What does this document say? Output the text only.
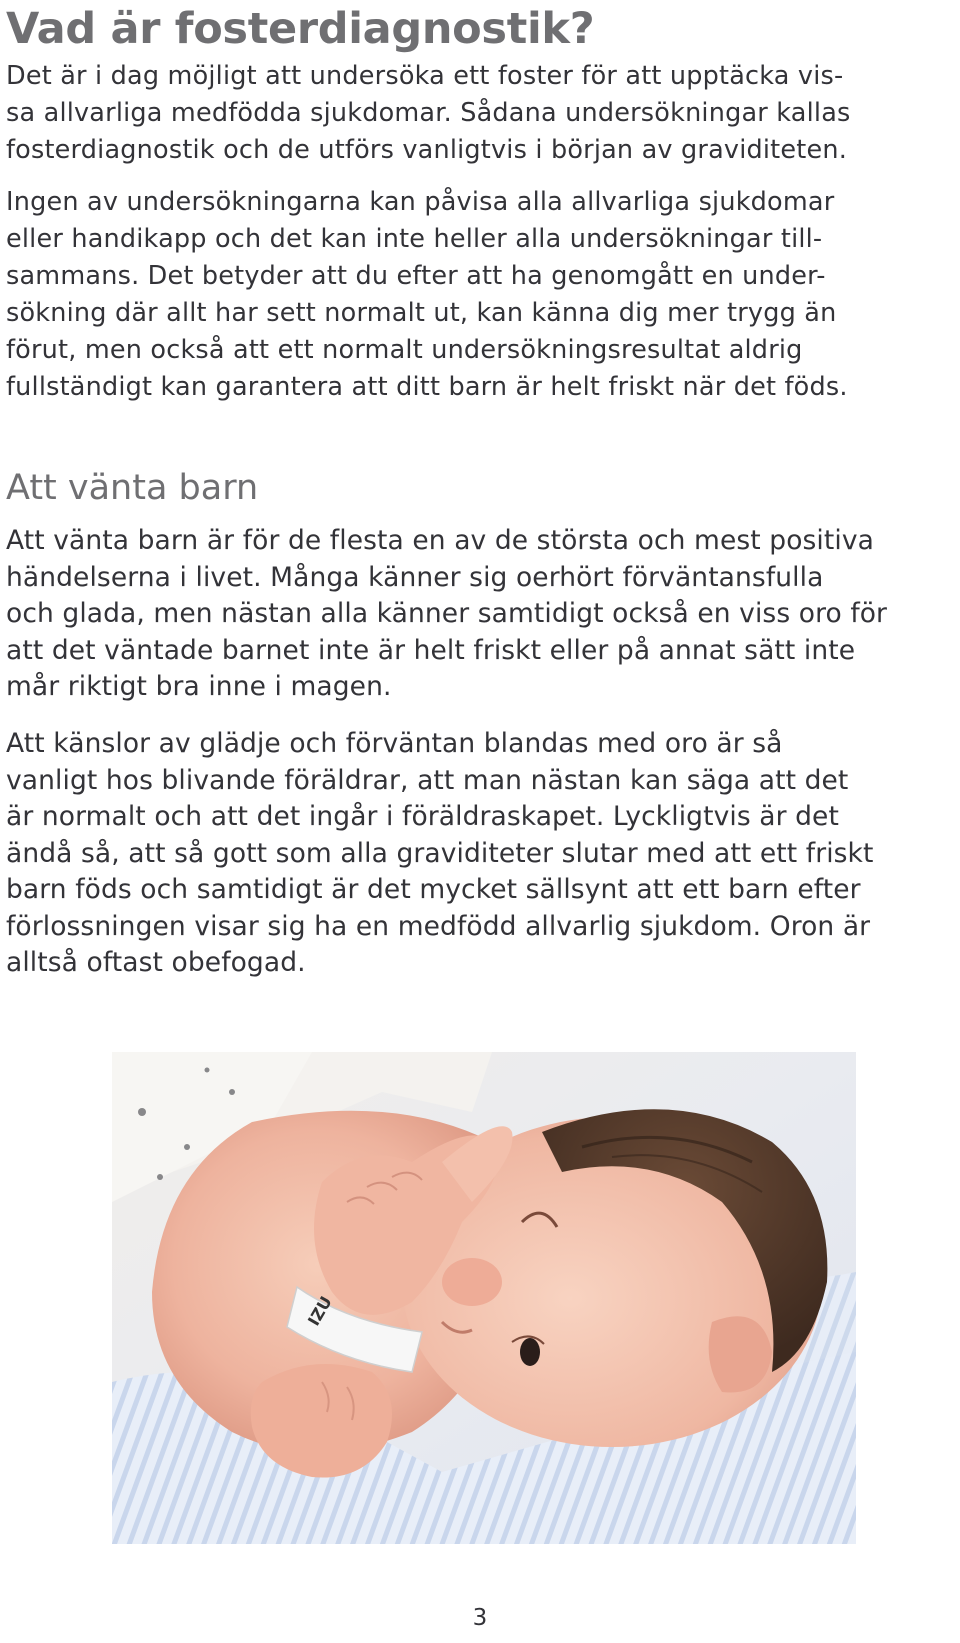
Vad är fosterdiagnostik?

Det är i dag möjligt att undersöka ett foster för att upptäcka vis-
sa allvarliga medfödda sjukdomar. Sådana undersökningar kallas
fosterdiagnostik och de utförs vanligtvis i början av graviditeten.

Ingen av undersökningarna kan påvisa alla allvarliga sjukdomar
eller handikapp och det kan inte heller alla undersökningar till-
sammans. Det betyder att du efter att ha genomgått en under-
sökning där allt har sett normalt ut, kan känna dig mer trygg än
förut, men också att ett normalt undersökningsresultat aldrig
fullständigt kan garantera att ditt barn är helt friskt när det föds.

Att vänta barn

Att vänta barn är för de flesta en av de största och mest positiva
händelserna i livet. Många känner sig oerhört förväntansfulla
och glada, men nästan alla känner samtidigt också en viss oro för
att det väntade barnet inte är helt friskt eller på annat sätt inte
mår riktigt bra inne i magen.

Att känslor av glädje och förväntan blandas med oro är så
vanligt hos blivande föräldrar, att man nästan kan säga att det
är normalt och att det ingår i föräldraskapet. Lyckligtvis är det
ändå så, att så gott som alla graviditeter slutar med att ett friskt
barn föds och samtidigt är det mycket sällsynt att ett barn efter
förlossningen visar sig ha en medfödd allvarlig sjukdom. Oron är
alltså oftast obefogad.

IZU
3
